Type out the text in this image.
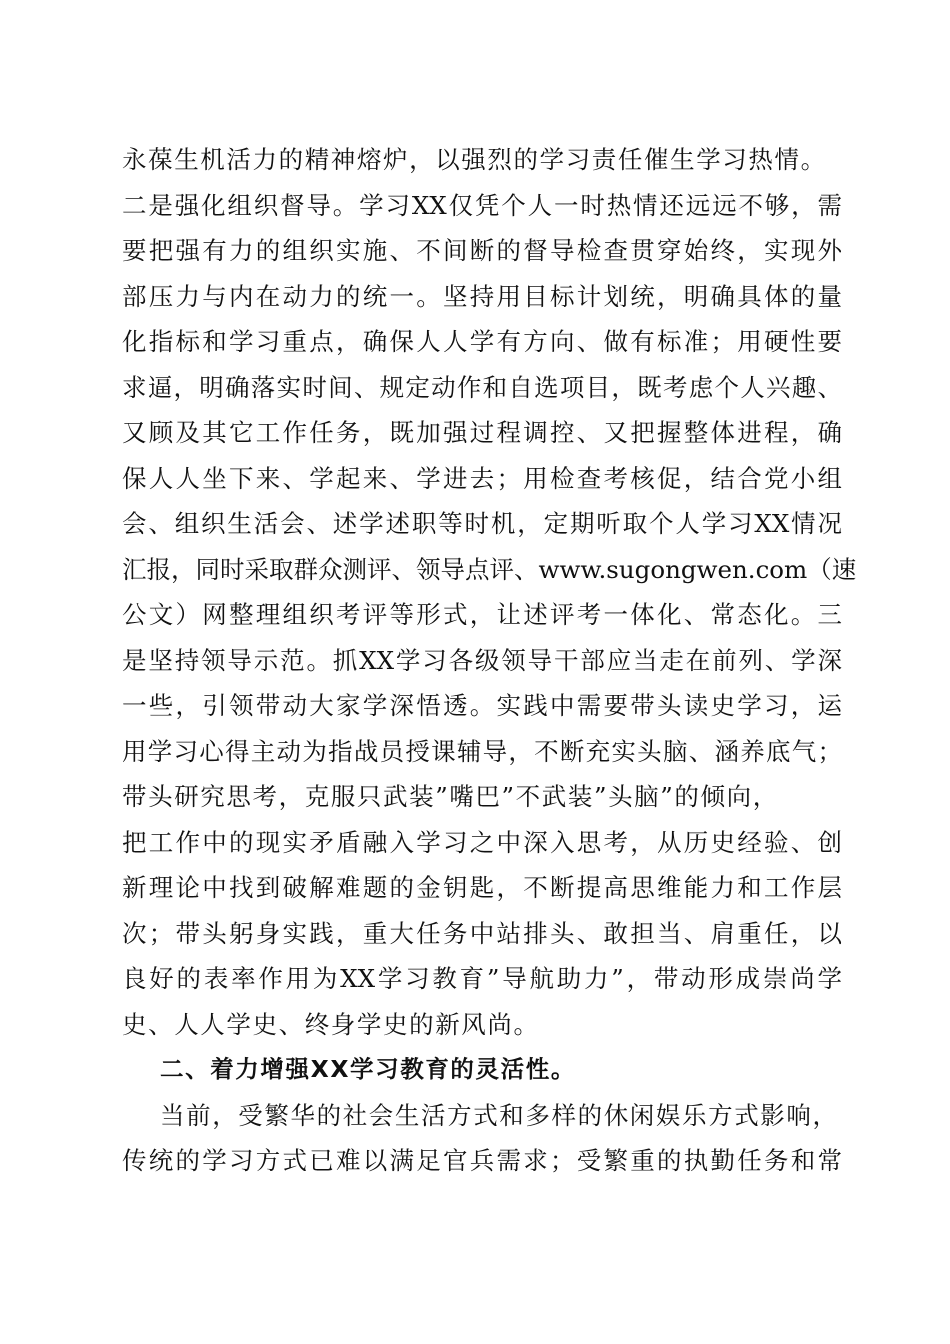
永葆生机活力的精神熔炉，以强烈的学习责任催生学习热情。
二是强化组织督导。学习XX仅凭个人一时热情还远远不够，需
要把强有力的组织实施、不间断的督导检查贯穿始终，实现外
部压力与内在动力的统一。坚持用目标计划统，明确具体的量
化指标和学习重点，确保人人学有方向、做有标准；用硬性要
求逼，明确落实时间、规定动作和自选项目，既考虑个人兴趣、
又顾及其它工作任务，既加强过程调控、又把握整体进程，确
保人人坐下来、学起来、学进去；用检查考核促，结合党小组
会、组织生活会、述学述职等时机，定期听取个人学习XX情况
汇报，同时采取群众测评、领导点评、www.sugongwen.com（速
公文）网整理组织考评等形式，让述评考一体化、常态化。三
是坚持领导示范。抓XX学习各级领导干部应当走在前列、学深
一些，引领带动大家学深悟透。实践中需要带头读史学习，运
用学习心得主动为指战员授课辅导，不断充实头脑、涵养底气；
带头研究思考，克服只武装”嘴巴”不武装”头脑”的倾向，
把工作中的现实矛盾融入学习之中深入思考，从历史经验、创
新理论中找到破解难题的金钥匙，不断提高思维能力和工作层
次；带头躬身实践，重大任务中站排头、敢担当、肩重任，以
良好的表率作用为XX学习教育”导航助力”，带动形成崇尚学
史、人人学史、终身学史的新风尚。
二、着力增强XX学习教育的灵活性。
当前，受繁华的社会生活方式和多样的休闲娱乐方式影响，
传统的学习方式已难以满足官兵需求；受繁重的执勤任务和常
